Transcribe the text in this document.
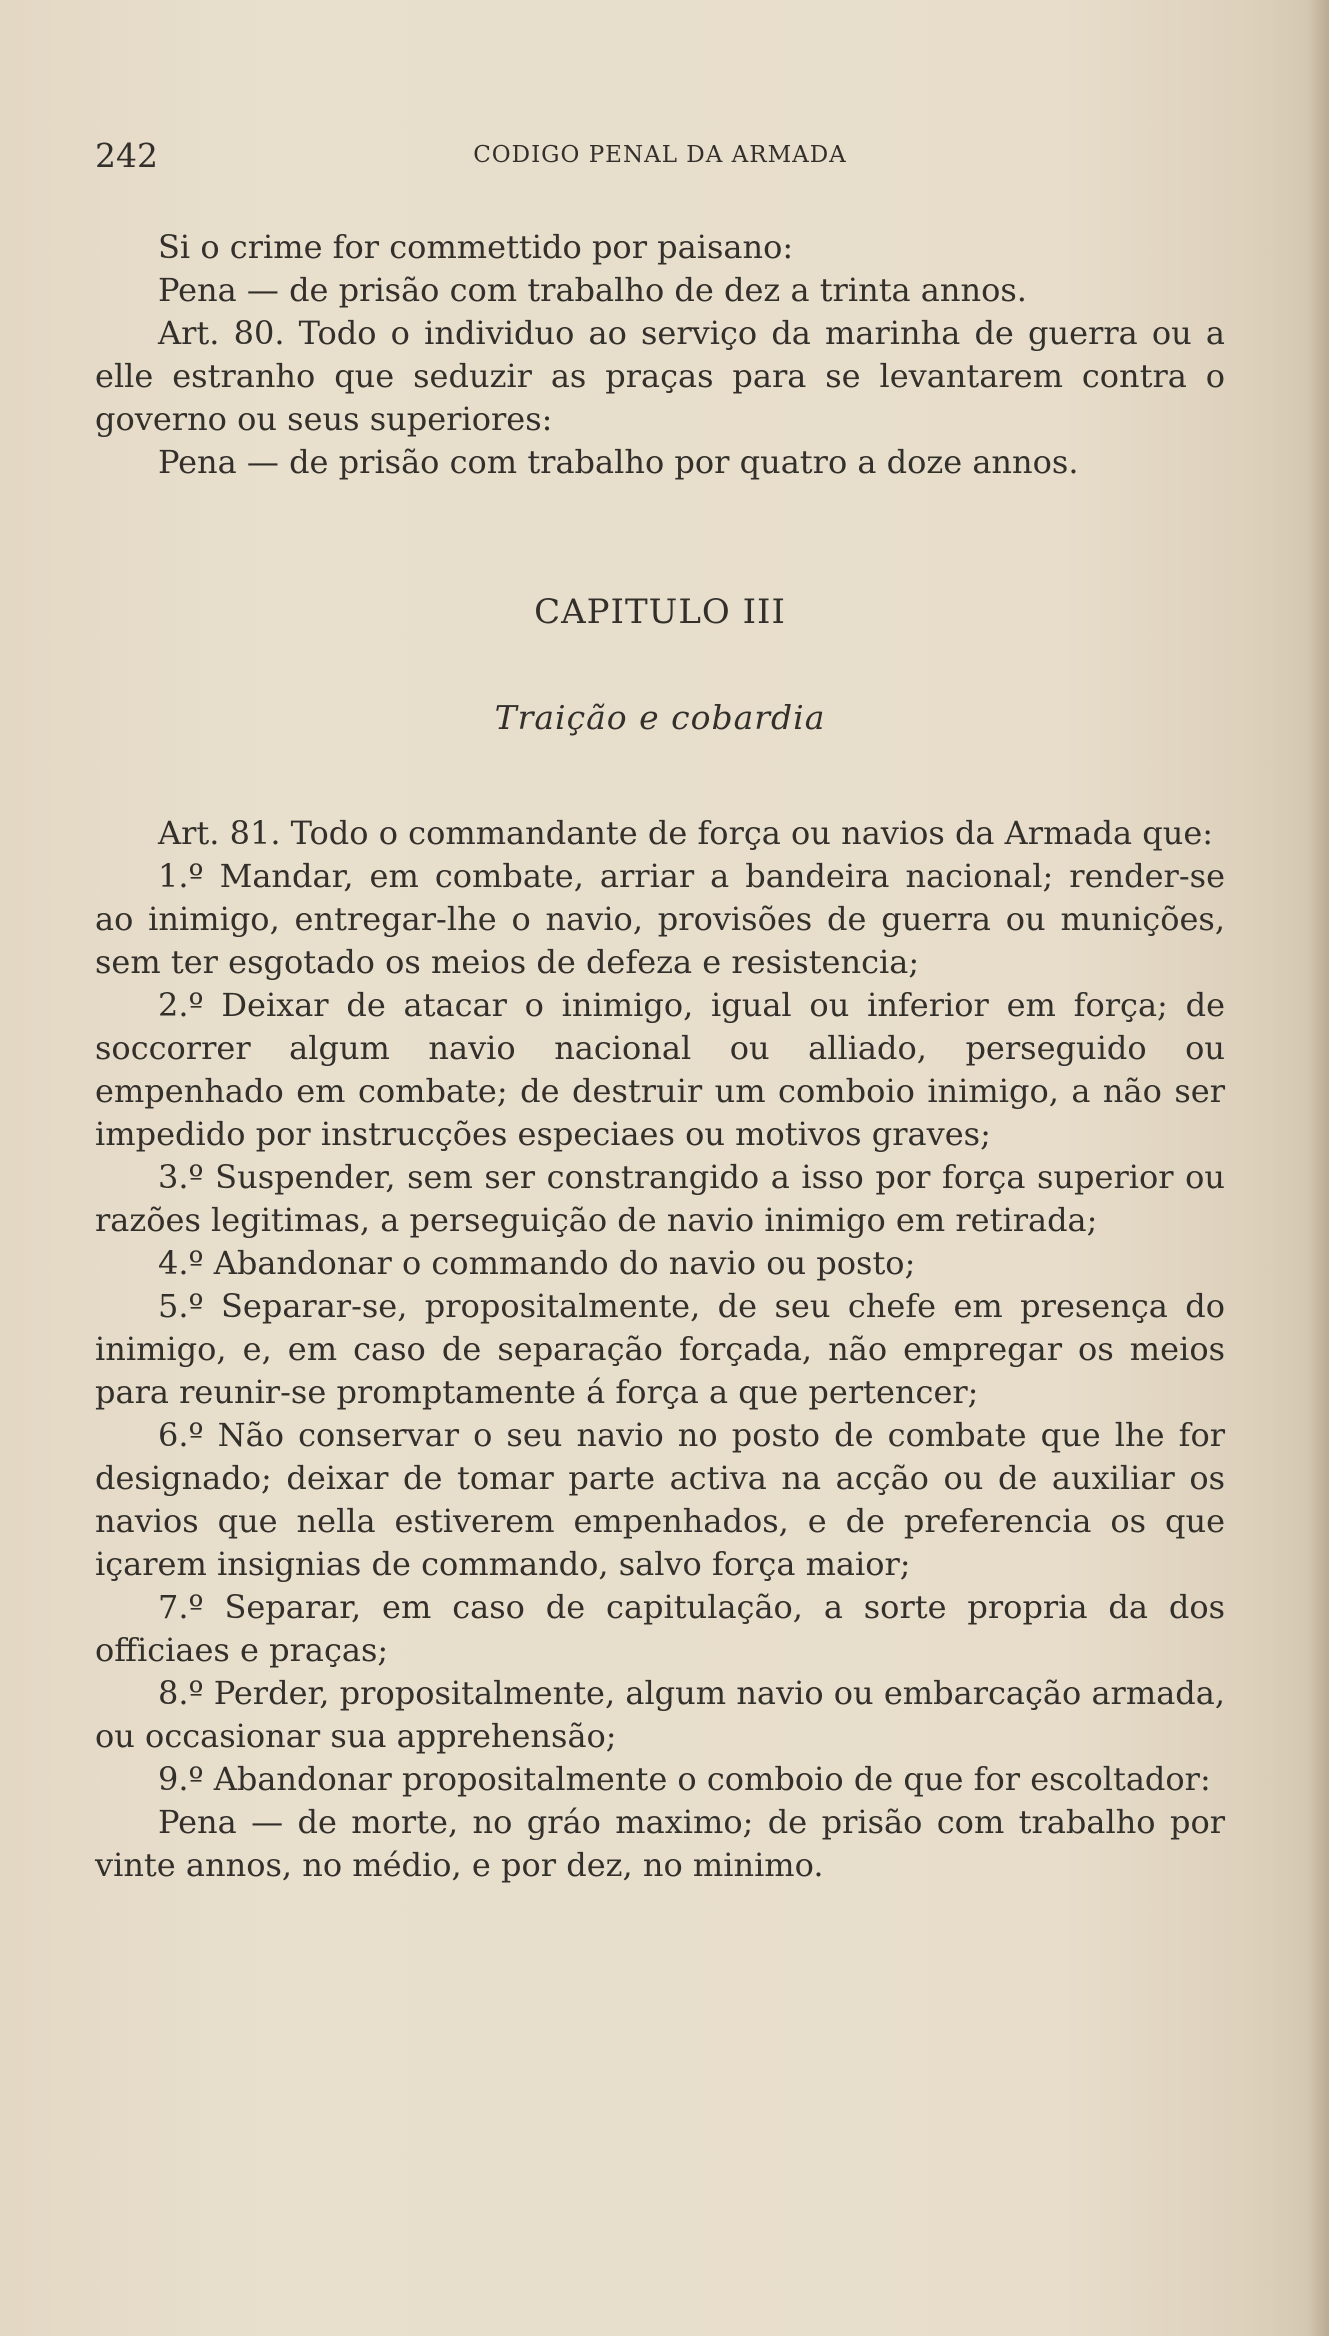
242	CODIGO PENAL DA ARMADA

Si o crime for commettido por paisano:

Pena — de prisão com trabalho de dez a trinta annos.

Art. 80. Todo o individuo ao serviço da marinha de guerra ou a elle estranho que seduzir as praças para se levantarem contra o governo ou seus superiores:

Pena — de prisão com trabalho por quatro a doze annos.

CAPITULO III
Traição e cobardia

Art. 81. Todo o commandante de força ou navios da Armada que:

1.º Mandar, em combate, arriar a bandeira nacional; render-se ao inimigo, entregar-lhe o navio, provisões de guerra ou munições, sem ter esgotado os meios de defeza e resistencia;

2.º Deixar de atacar o inimigo, igual ou inferior em força; de soccorrer algum navio nacional ou alliado, perseguido ou empenhado em combate; de destruir um comboio inimigo, a não ser impedido por instrucções especiaes ou motivos graves;

3.º Suspender, sem ser constrangido a isso por força superior ou razões legitimas, a perseguição de navio inimigo em retirada;

4.º Abandonar o commando do navio ou posto;

5.º Separar-se, propositalmente, de seu chefe em presença do inimigo, e, em caso de separação forçada, não empregar os meios para reunir-se promptamente á força a que pertencer;

6.º Não conservar o seu navio no posto de combate que lhe for designado; deixar de tomar parte activa na acção ou de auxiliar os navios que nella estiverem empenhados, e de preferencia os que içarem insignias de commando, salvo força maior;

7.º Separar, em caso de capitulação, a sorte propria da dos officiaes e praças;

8.º Perder, propositalmente, algum navio ou embarcação armada, ou occasionar sua apprehensão;

9.º Abandonar propositalmente o comboio de que for escoltador:

Pena — de morte, no gráo maximo; de prisão com trabalho por vinte annos, no médio, e por dez, no minimo.
